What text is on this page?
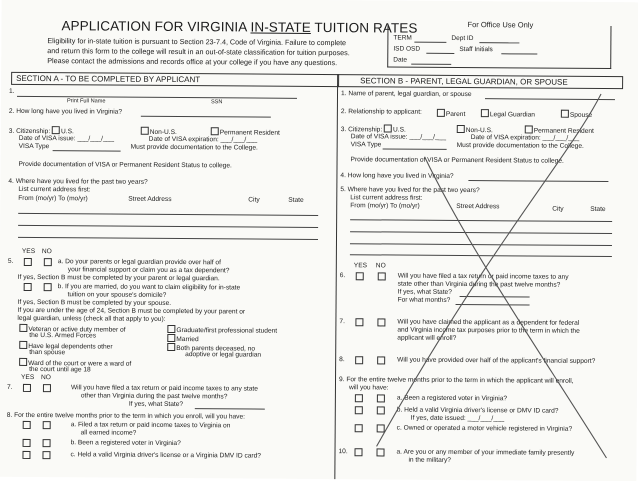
APPLICATION FOR VIRGINIA IN-STATE TUITION RATES
Eligibility for in-state tuition is pursuant to Section 23-7.4, Code of Virginia. Failure to complete
and return this form to the college will result in an out-of-state classification for tuition purposes.
Please contact the admissions and records office at your college if you have any questions.
For Office Use Only
TERM	Dept ID
ISD OSD	Staff Initials
Date
SECTION A - TO BE COMPLETED BY APPLICANT	SECTION B - PARENT, LEGAL GUARDIAN, OR SPOUSE
1.
Print Full Name	SSN
2. How long have you lived in Virginia?
3. Citizenship: U.S.	Non-U.S.	Permanent Resident
Date of VISA issue: ___/___/___	Date of VISA expiration: ___/___/___
VISA Type	Must provide documentation to the College.
Provide documentation of VISA or Permanent Resident Status to college.
4. Where have you lived for the past two years?
List current address first:
From (mo/yr) To (mo/yr)	Street Address	City	State
YES NO
5.	a. Do your parents or legal guardian provide over half of
your financial support or claim you as a tax dependent?
If yes, Section B must be completed by your parent or legal guardian.
b. If you are married, do you want to claim eligibility for in-state
tuition on your spouse's domicile?
If yes, Section B must be completed by your spouse.
If you are under the age of 24, Section B must be completed by your parent or
legal guardian, unless (check all that apply to you):
Veteran or active duty member of
the U.S. Armed Forces
Graduate/first professional student
Married
Have legal dependents other
than spouse
Both parents deceased, no
adoptive or legal guardian
Ward of the court or were a ward of
the court until age 18
YES NO
7.	Will you have filed a tax return or paid income taxes to any state
other than Virginia during the past twelve months?
If yes, what State?
8. For the entire twelve months prior to the term in which you enroll, will you have:
a. Filed a tax return or paid income taxes to Virginia on
all earned income?
b. Been a registered voter in Virginia?
c. Held a valid Virginia driver's license or a Virginia DMV ID card?
1. Name of parent, legal guardian, or spouse
2. Relationship to applicant:	Parent	Legal Guardian	Spouse
3. Citizenship: U.S.	Non-U.S.	Permanent Resident
Date of VISA issue: ___/___/___	Date of VISA expiration: ___/___/___
VISA Type	Must provide documentation to the College.
Provide documentation of VISA or Permanent Resident Status to college.
4. How long have you lived in Virginia?
5. Where have you lived for the past two years?
List current address first:
From (mo/yr) To (mo/yr)	Street Address	City	State
YES NO
6.	Will you have filed a tax return or paid income taxes to any
state other than Virginia during the past twelve months?
If yes, what State?
For what months?
7.	Will you have claimed the applicant as a dependent for federal
and Virginia income tax purposes prior to the term in which the
applicant will enroll?
8.	Will you have provided over half of the applicant's financial support?
9. For the entire twelve months prior to the term in which the applicant will enroll,
will you have:
a. Been a registered voter in Virginia?
b. Held a valid Virginia driver's license or DMV ID card?
If yes, date issued: ___/___/___
c. Owned or operated a motor vehicle registered in Virginia?
10.	a. Are you or any member of your immediate family presently
in the military?
